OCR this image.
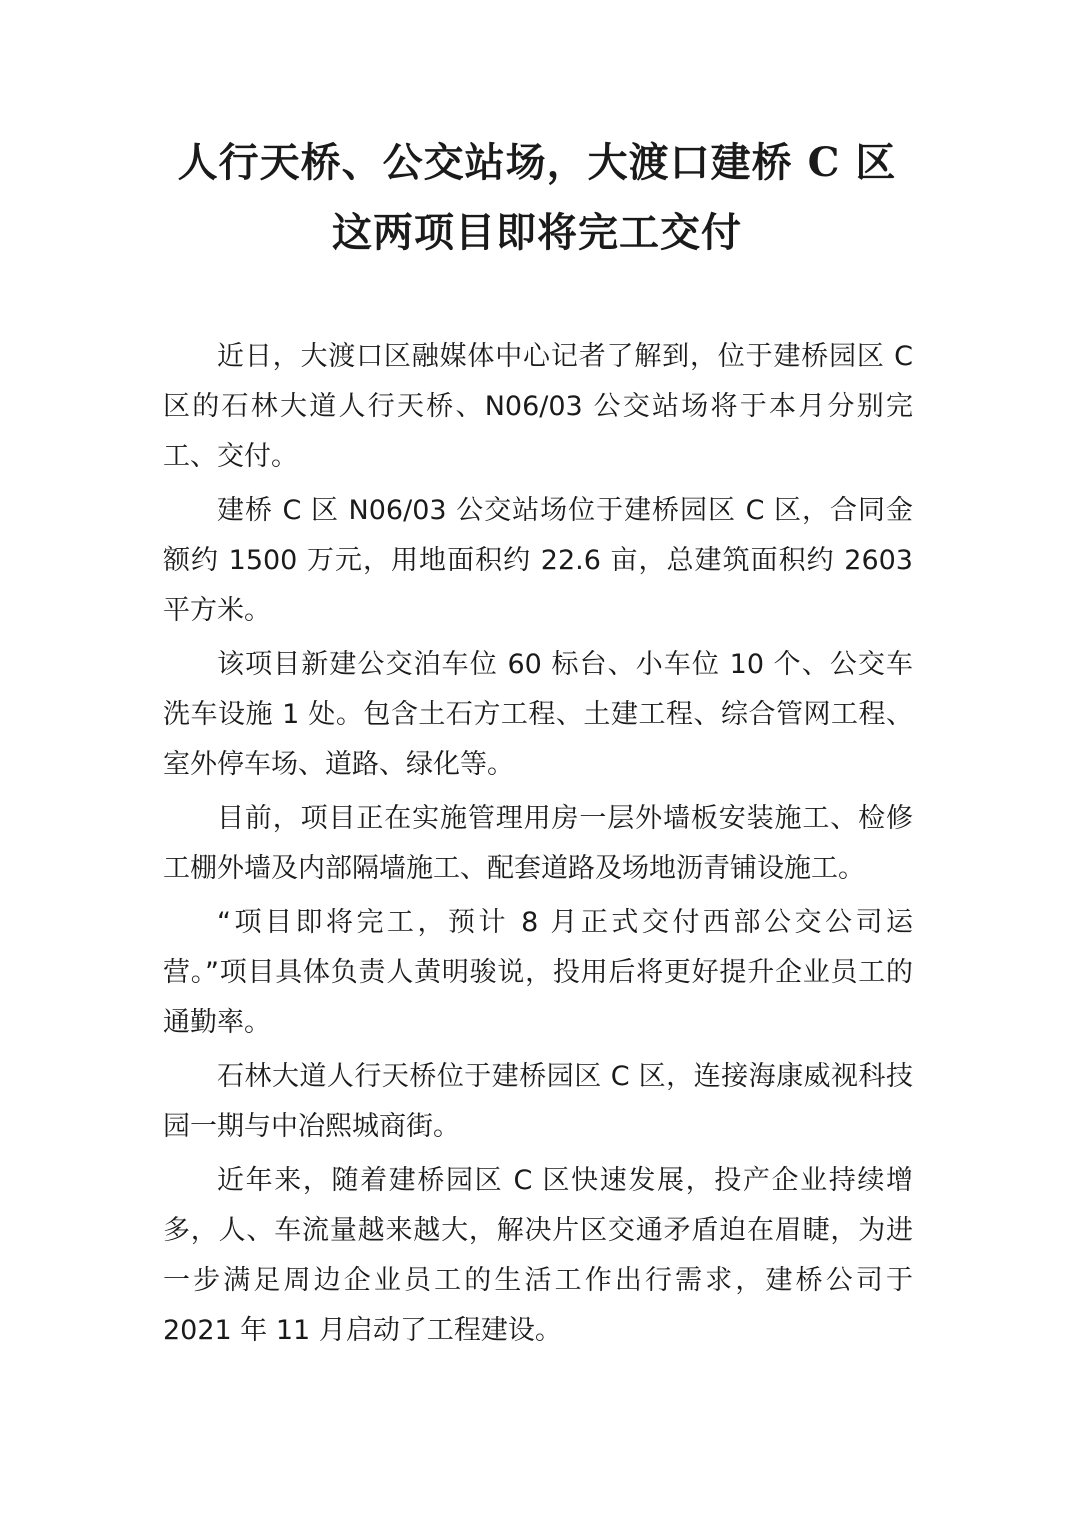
人行天桥、公交站场，大渡口建桥 C 区
这两项目即将完工交付

近日，大渡口区融媒体中心记者了解到，位于建桥园区 C 区的石林大道人行天桥、N06/03 公交站场将于本月分别完工、交付。

建桥 C 区 N06/03 公交站场位于建桥园区 C 区，合同金额约 1500 万元，用地面积约 22.6 亩，总建筑面积约 2603 平方米。

该项目新建公交泊车位 60 标台、小车位 10 个、公交车洗车设施 1 处。包含土石方工程、土建工程、综合管网工程、室外停车场、道路、绿化等。

目前，项目正在实施管理用房一层外墙板安装施工、检修工棚外墙及内部隔墙施工、配套道路及场地沥青铺设施工。

“项目即将完工，预计 8 月正式交付西部公交公司运营。”项目具体负责人黄明骏说，投用后将更好提升企业员工的通勤率。

石林大道人行天桥位于建桥园区 C 区，连接海康威视科技园一期与中冶熙城商街。

近年来，随着建桥园区 C 区快速发展，投产企业持续增多，人、车流量越来越大，解决片区交通矛盾迫在眉睫，为进一步满足周边企业员工的生活工作出行需求，建桥公司于 2021 年 11 月启动了工程建设。
